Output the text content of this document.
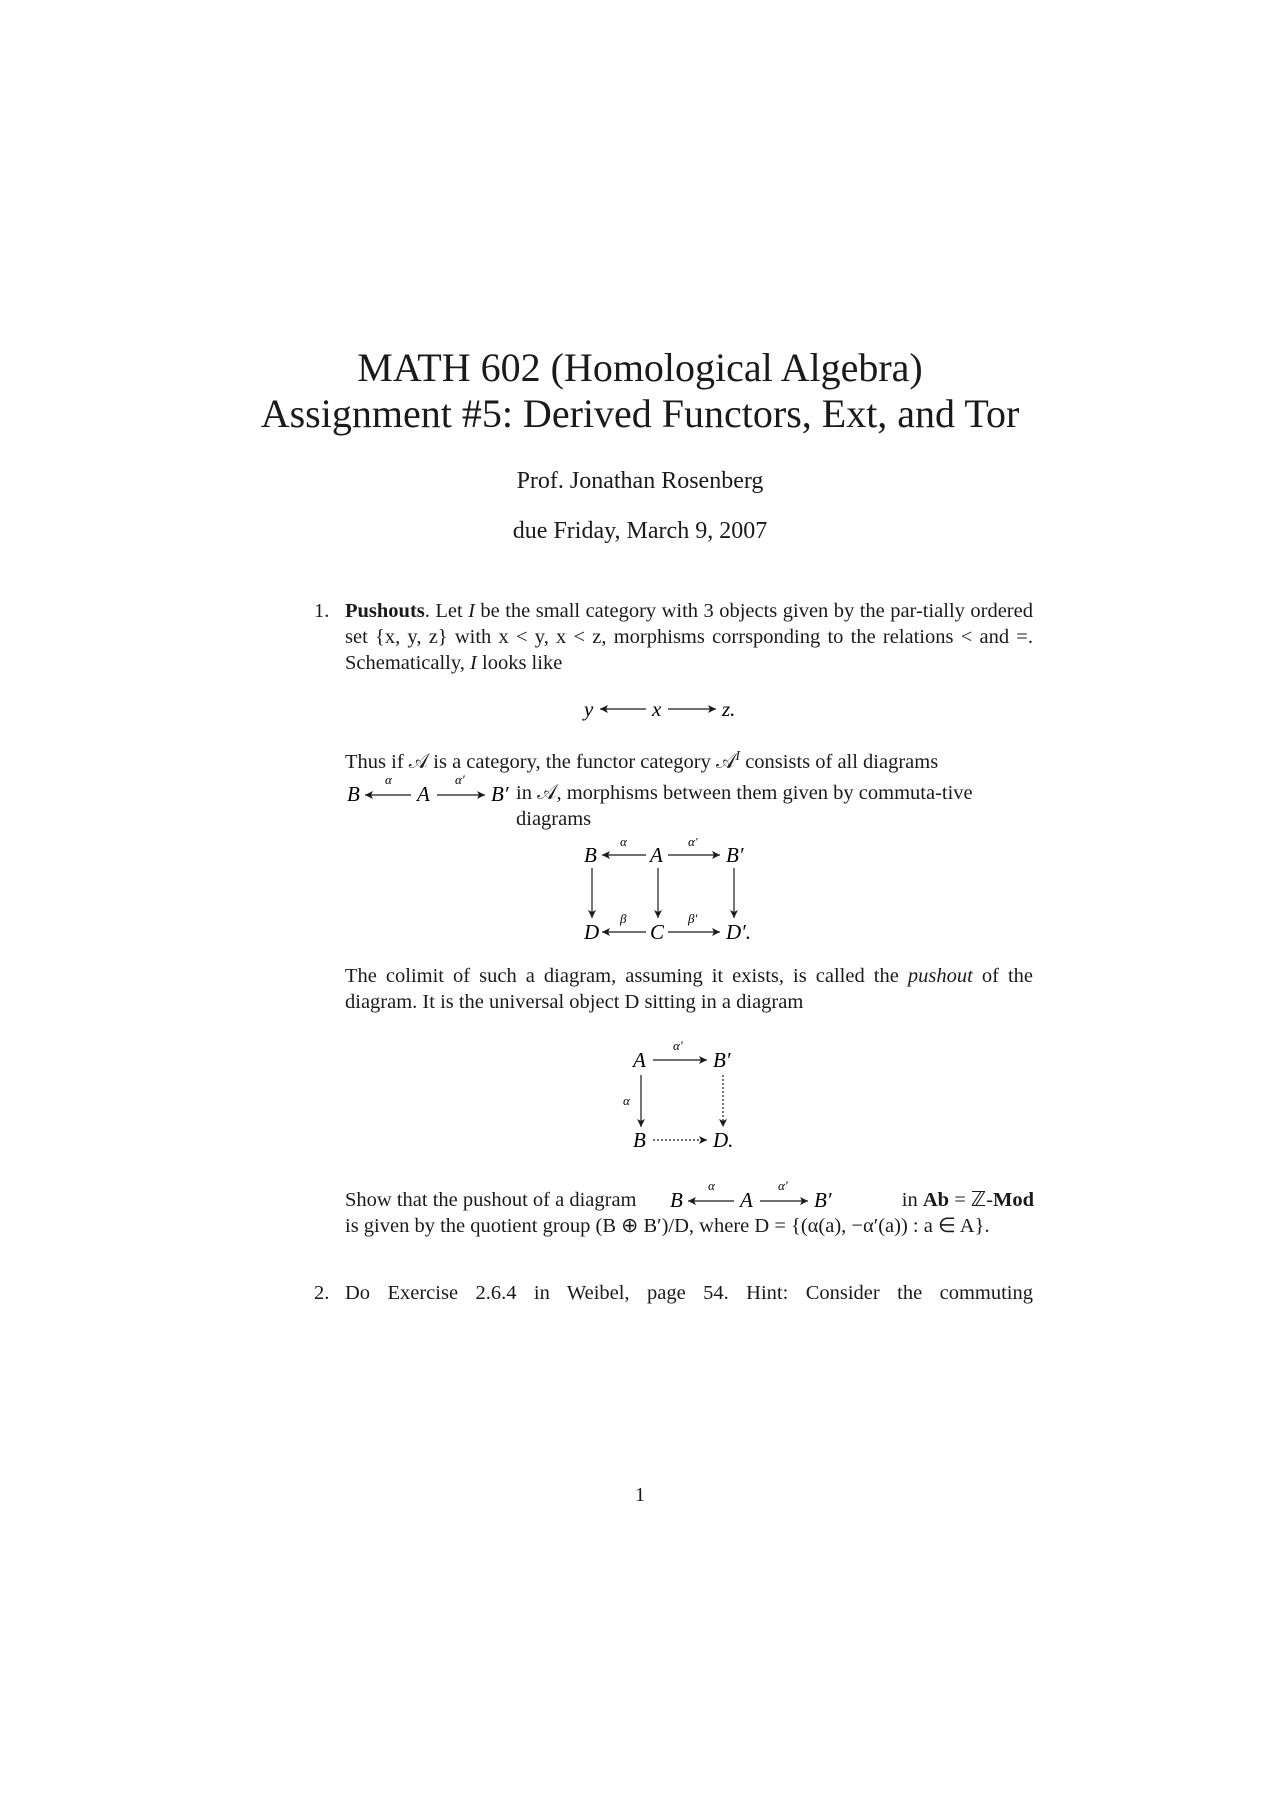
MATH 602 (Homological Algebra)
Assignment #5: Derived Functors, Ext, and Tor
Prof. Jonathan Rosenberg
due Friday, March 9, 2007
1. Pushouts. Let I be the small category with 3 objects given by the par-tially ordered set {x, y, z} with x < y, x < z, morphisms corrsponding to the relations < and =. Schematically, I looks like
y	x	z.
Thus if 𝒜 is a category, the functor category 𝒜$^I$ consists of all diagrams
B
α
A
α′
B′ in 𝒜, morphisms between them given by commuta-tive diagrams
B
α
A
α′
B′
D
β
C
β′
D′.
The colimit of such a diagram, assuming it exists, is called the pushout of the diagram. It is the universal object D sitting in a diagram
A
α′
B′
α
B	D.
Show that the pushout of a diagram B
α
A
α′
B′	in Ab = ℤ-Mod
is given by the quotient group (B ⊕ B′)/D, where D = {(α(a), −α′(a)) : a ∈ A}.
2. Do Exercise 2.6.4 in Weibel, page 54. Hint: Consider the commuting
1
